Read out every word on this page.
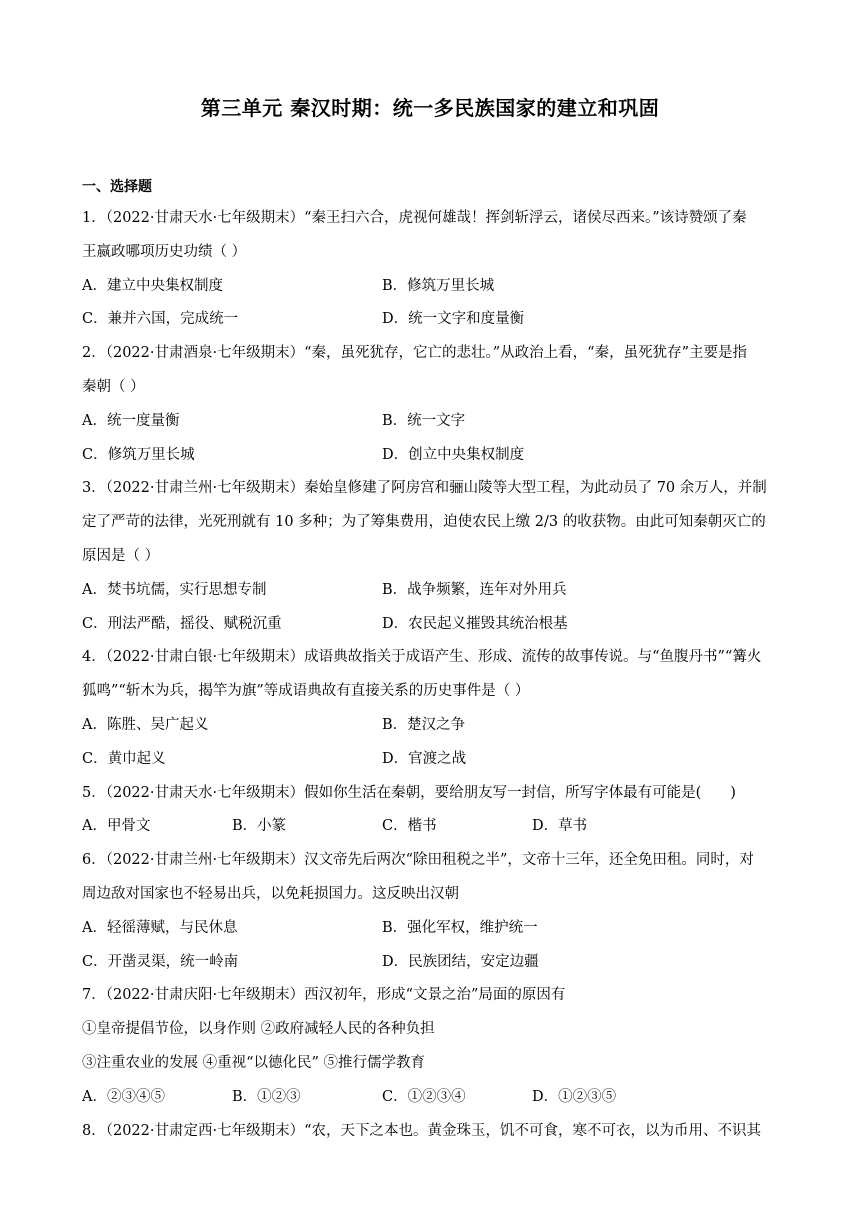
第三单元 秦汉时期：统一多民族国家的建立和巩固
一、选择题
1．（2022·甘肃天水·七年级期末）“秦王扫六合，虎视何雄哉！挥剑斩浮云，诸侯尽西来。”该诗赞颂了秦
王嬴政哪项历史功绩（ ）
A．建立中央集权制度	B．修筑万里长城
C．兼并六国，完成统一	D．统一文字和度量衡
2．（2022·甘肃酒泉·七年级期末）“秦，虽死犹存，它亡的悲壮。”从政治上看，“秦，虽死犹存”主要是指
秦朝（ ）
A．统一度量衡	B．统一文字
C．修筑万里长城	D．创立中央集权制度
3．（2022·甘肃兰州·七年级期末）秦始皇修建了阿房宫和骊山陵等大型工程，为此动员了 70 余万人，并制
定了严苛的法律，光死刑就有 10 多种；为了筹集费用，迫使农民上缴 2/3 的收获物。由此可知秦朝灭亡的
原因是（ ）
A．焚书坑儒，实行思想专制	B．战争频繁，连年对外用兵
C．刑法严酷，摇役、赋税沉重	D．农民起义摧毁其统治根基
4．（2022·甘肃白银·七年级期末）成语典故指关于成语产生、形成、流传的故事传说。与“鱼腹丹书”“篝火
狐鸣”“斩木为兵，揭竿为旗”等成语典故有直接关系的历史事件是（ ）
A．陈胜、吴广起义	B．楚汉之争
C．黄巾起义	D．官渡之战
5．（2022·甘肃天水·七年级期末）假如你生活在秦朝，要给朋友写一封信，所写字体最有可能是(　　)
A．甲骨文	B．小篆	C．楷书	D．草书
6．（2022·甘肃兰州·七年级期末）汉文帝先后两次“除田租税之半”，文帝十三年，还全免田租。同时，对
周边敌对国家也不轻易出兵，以免耗损国力。这反映出汉朝
A．轻徭薄赋，与民休息	B．强化军权，维护统一
C．开凿灵渠，统一岭南	D．民族团结，安定边疆
7．（2022·甘肃庆阳·七年级期末）西汉初年，形成“文景之治”局面的原因有
①皇帝提倡节俭，以身作则 ②政府减轻人民的各种负担
③注重农业的发展 ④重视“以德化民” ⑤推行儒学教育
A．②③④⑤	B．①②③	C．①②③④	D．①②③⑤
8．（2022·甘肃定西·七年级期末）“农，天下之本也。黄金珠玉，饥不可食，寒不可衣，以为币用、不识其
